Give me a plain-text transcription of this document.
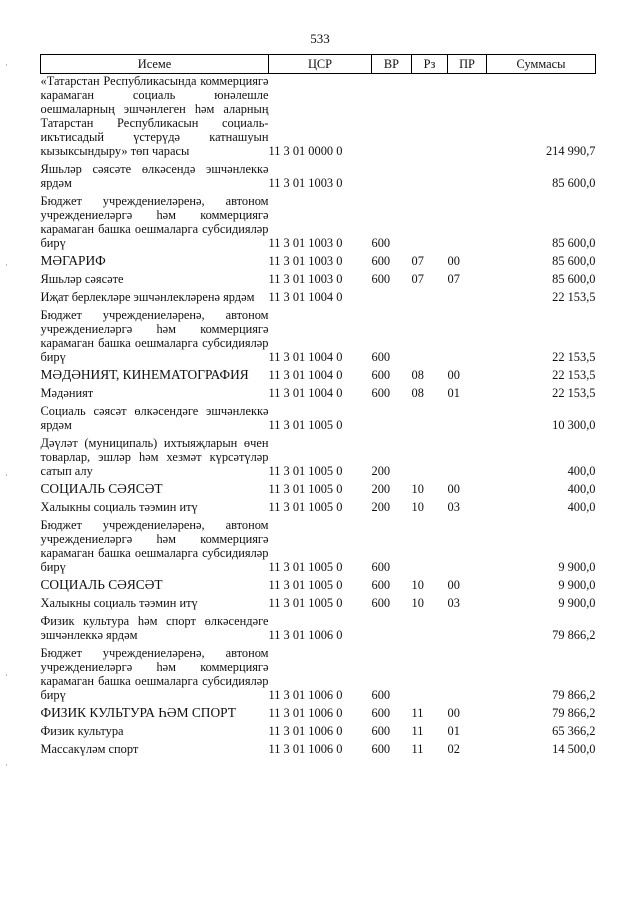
533
Исеме	ЦСР	ВР	Рз	ПР	Суммасы
«Татарстан Республикасында коммерциягә карамаган социаль юнәлешле оешмаларның эшчәнлеген һәм аларның Татарстан Республикасын социаль-икътисадый үстерүдә катнашуын кызыксындыру» төп чарасы	11 3 01 0000 0				214 990,7
Яшьләр сәясәте өлкәсендә эшчәнлеккә ярдәм	11 3 01 1003 0				85 600,0
Бюджет учреждениеләренә, автоном учреждениеләргә һәм коммерциягә карамаган башка оешмаларга субсидияләр бирү	11 3 01 1003 0	600			85 600,0
МӘГАРИФ	11 3 01 1003 0	600	07	00	85 600,0
Яшьләр сәясәте	11 3 01 1003 0	600	07	07	85 600,0
Иҗат берлекләре эшчәнлекләренә ярдәм	11 3 01 1004 0				22 153,5
Бюджет учреждениеләренә, автоном учреждениеләргә һәм коммерциягә карамаган башка оешмаларга субсидияләр бирү	11 3 01 1004 0	600			22 153,5
МӘДӘНИЯТ, КИНЕМАТОГРАФИЯ	11 3 01 1004 0	600	08	00	22 153,5
Мәдәният	11 3 01 1004 0	600	08	01	22 153,5
Социаль сәясәт өлкәсендәге эшчәнлеккә ярдәм	11 3 01 1005 0				10 300,0
Дәүләт (муниципаль) ихтыяҗларын өчен товарлар, эшләр һәм хезмәт күрсәтүләр сатып алу	11 3 01 1005 0	200			400,0
СОЦИАЛЬ СӘЯСӘТ	11 3 01 1005 0	200	10	00	400,0
Халыкны социаль тәэмин итү	11 3 01 1005 0	200	10	03	400,0
Бюджет учреждениеләренә, автоном учреждениеләргә һәм коммерциягә карамаган башка оешмаларга субсидияләр бирү	11 3 01 1005 0	600			9 900,0
СОЦИАЛЬ СӘЯСӘТ	11 3 01 1005 0	600	10	00	9 900,0
Халыкны социаль тәэмин итү	11 3 01 1005 0	600	10	03	9 900,0
Физик культура һәм спорт өлкәсендәге эшчәнлеккә ярдәм	11 3 01 1006 0				79 866,2
Бюджет учреждениеләренә, автоном учреждениеләргә һәм коммерциягә карамаган башка оешмаларга субсидияләр бирү	11 3 01 1006 0	600			79 866,2
ФИЗИК КУЛЬТУРА ҺӘМ СПОРТ	11 3 01 1006 0	600	11	00	79 866,2
Физик культура	11 3 01 1006 0	600	11	01	65 366,2
Массакүләм спорт	11 3 01 1006 0	600	11	02	14 500,0
·
·
·
·
·
